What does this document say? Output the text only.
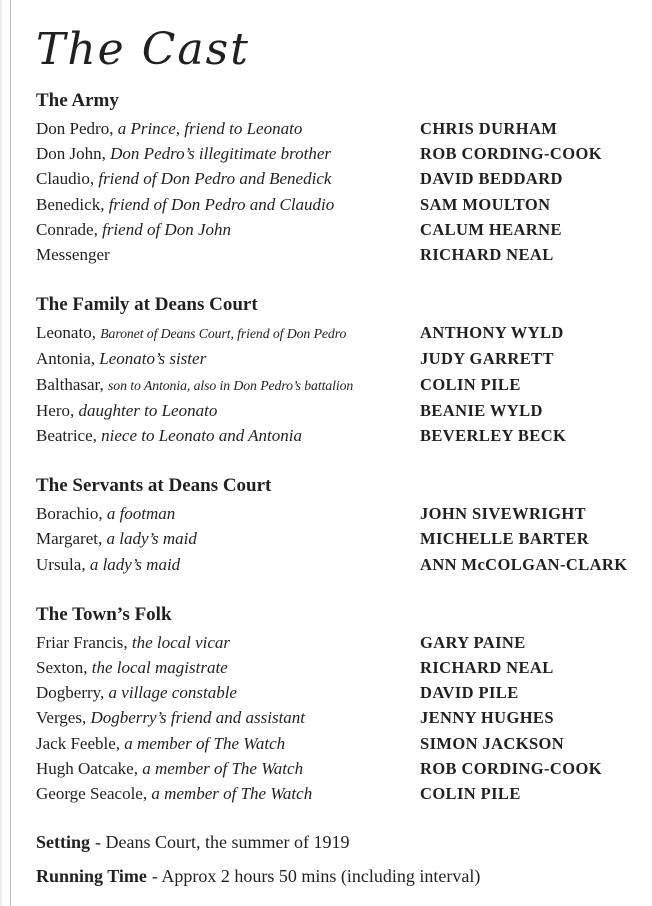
The Cast
The Army
Don Pedro, a Prince, friend to Leonato	CHRIS DURHAM
Don John, Don Pedro’s illegitimate brother	ROB CORDING-COOK
Claudio, friend of Don Pedro and Benedick	DAVID BEDDARD
Benedick, friend of Don Pedro and Claudio	SAM MOULTON
Conrade, friend of Don John	CALUM HEARNE
Messenger	RICHARD NEAL
The Family at Deans Court
Leonato, Baronet of Deans Court, friend of Don Pedro	ANTHONY WYLD
Antonia, Leonato’s sister	JUDY GARRETT
Balthasar, son to Antonia, also in Don Pedro’s battalion	COLIN PILE
Hero, daughter to Leonato	BEANIE WYLD
Beatrice, niece to Leonato and Antonia	BEVERLEY BECK
The Servants at Deans Court
Borachio, a footman	JOHN SIVEWRIGHT
Margaret, a lady’s maid	MICHELLE BARTER
Ursula, a lady’s maid	ANN McCOLGAN-CLARK
The Town’s Folk
Friar Francis, the local vicar	GARY PAINE
Sexton, the local magistrate	RICHARD NEAL
Dogberry, a village constable	DAVID PILE
Verges, Dogberry’s friend and assistant	JENNY HUGHES
Jack Feeble, a member of The Watch	SIMON JACKSON
Hugh Oatcake, a member of The Watch	ROB CORDING-COOK
George Seacole, a member of The Watch	COLIN PILE

Setting - Deans Court, the summer of 1919

Running Time - Approx 2 hours 50 mins (including interval)
